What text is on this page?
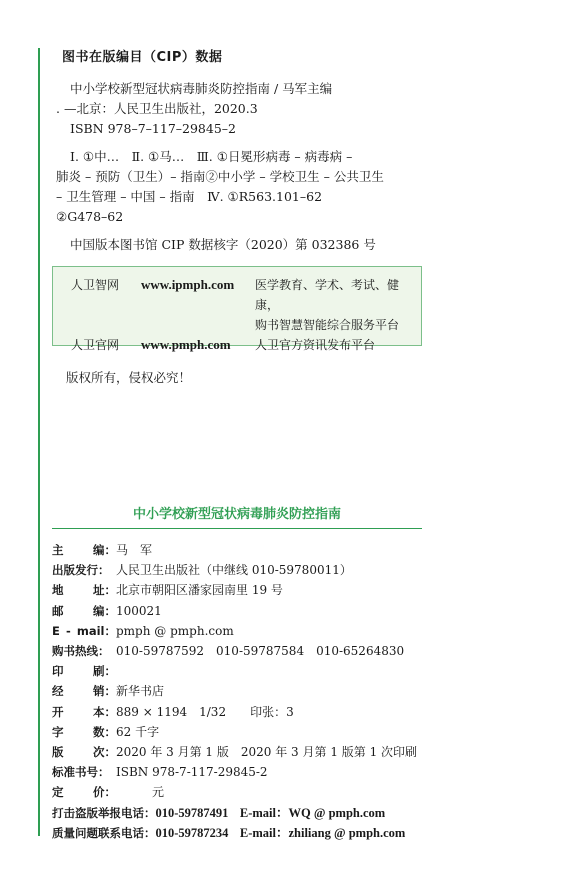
图书在版编目（CIP）数据

中小学校新型冠状病毒肺炎防控指南 / 马军主编

. —北京：人民卫生出版社，2020.3

ISBN 978–7–117–29845–2

Ⅰ. ①中…　Ⅱ. ①马…　Ⅲ. ①日冕形病毒 – 病毒病 –

肺炎 – 预防（卫生）– 指南②中小学 – 学校卫生 – 公共卫生

– 卫生管理 – 中国 – 指南　Ⅳ. ①R563.101–62

②G478–62

中国版本图书馆 CIP 数据核字（2020）第 032386 号

人卫智网	www.ipmph.com	医学教育、学术、考试、健康，
购书智慧智能综合服务平台
人卫官网	www.pmph.com	人卫官方资讯发布平台
版权所有，侵权必究！
中小学校新型冠状病毒肺炎防控指南
主	编： 马　军
出版发行： 人民卫生出版社（中继线 010-59780011）
地	址： 北京市朝阳区潘家园南里 19 号
邮	编： 100021
E - mail： pmph @ pmph.com
购书热线： 010-59787592　010-59787584　010-65264830
印	刷：
经	销： 新华书店
开	本： 889 × 1194　1/32　　印张：3
字	数： 62 千字
版	次： 2020 年 3 月第 1 版　2020 年 3 月第 1 版第 1 次印刷
标准书号： ISBN 978-7-117-29845-2
定	价： 　　　元
打击盗版举报电话：010-59787491 E-mail：WQ @ pmph.com
质量问题联系电话：010-59787234 E-mail：zhiliang @ pmph.com
